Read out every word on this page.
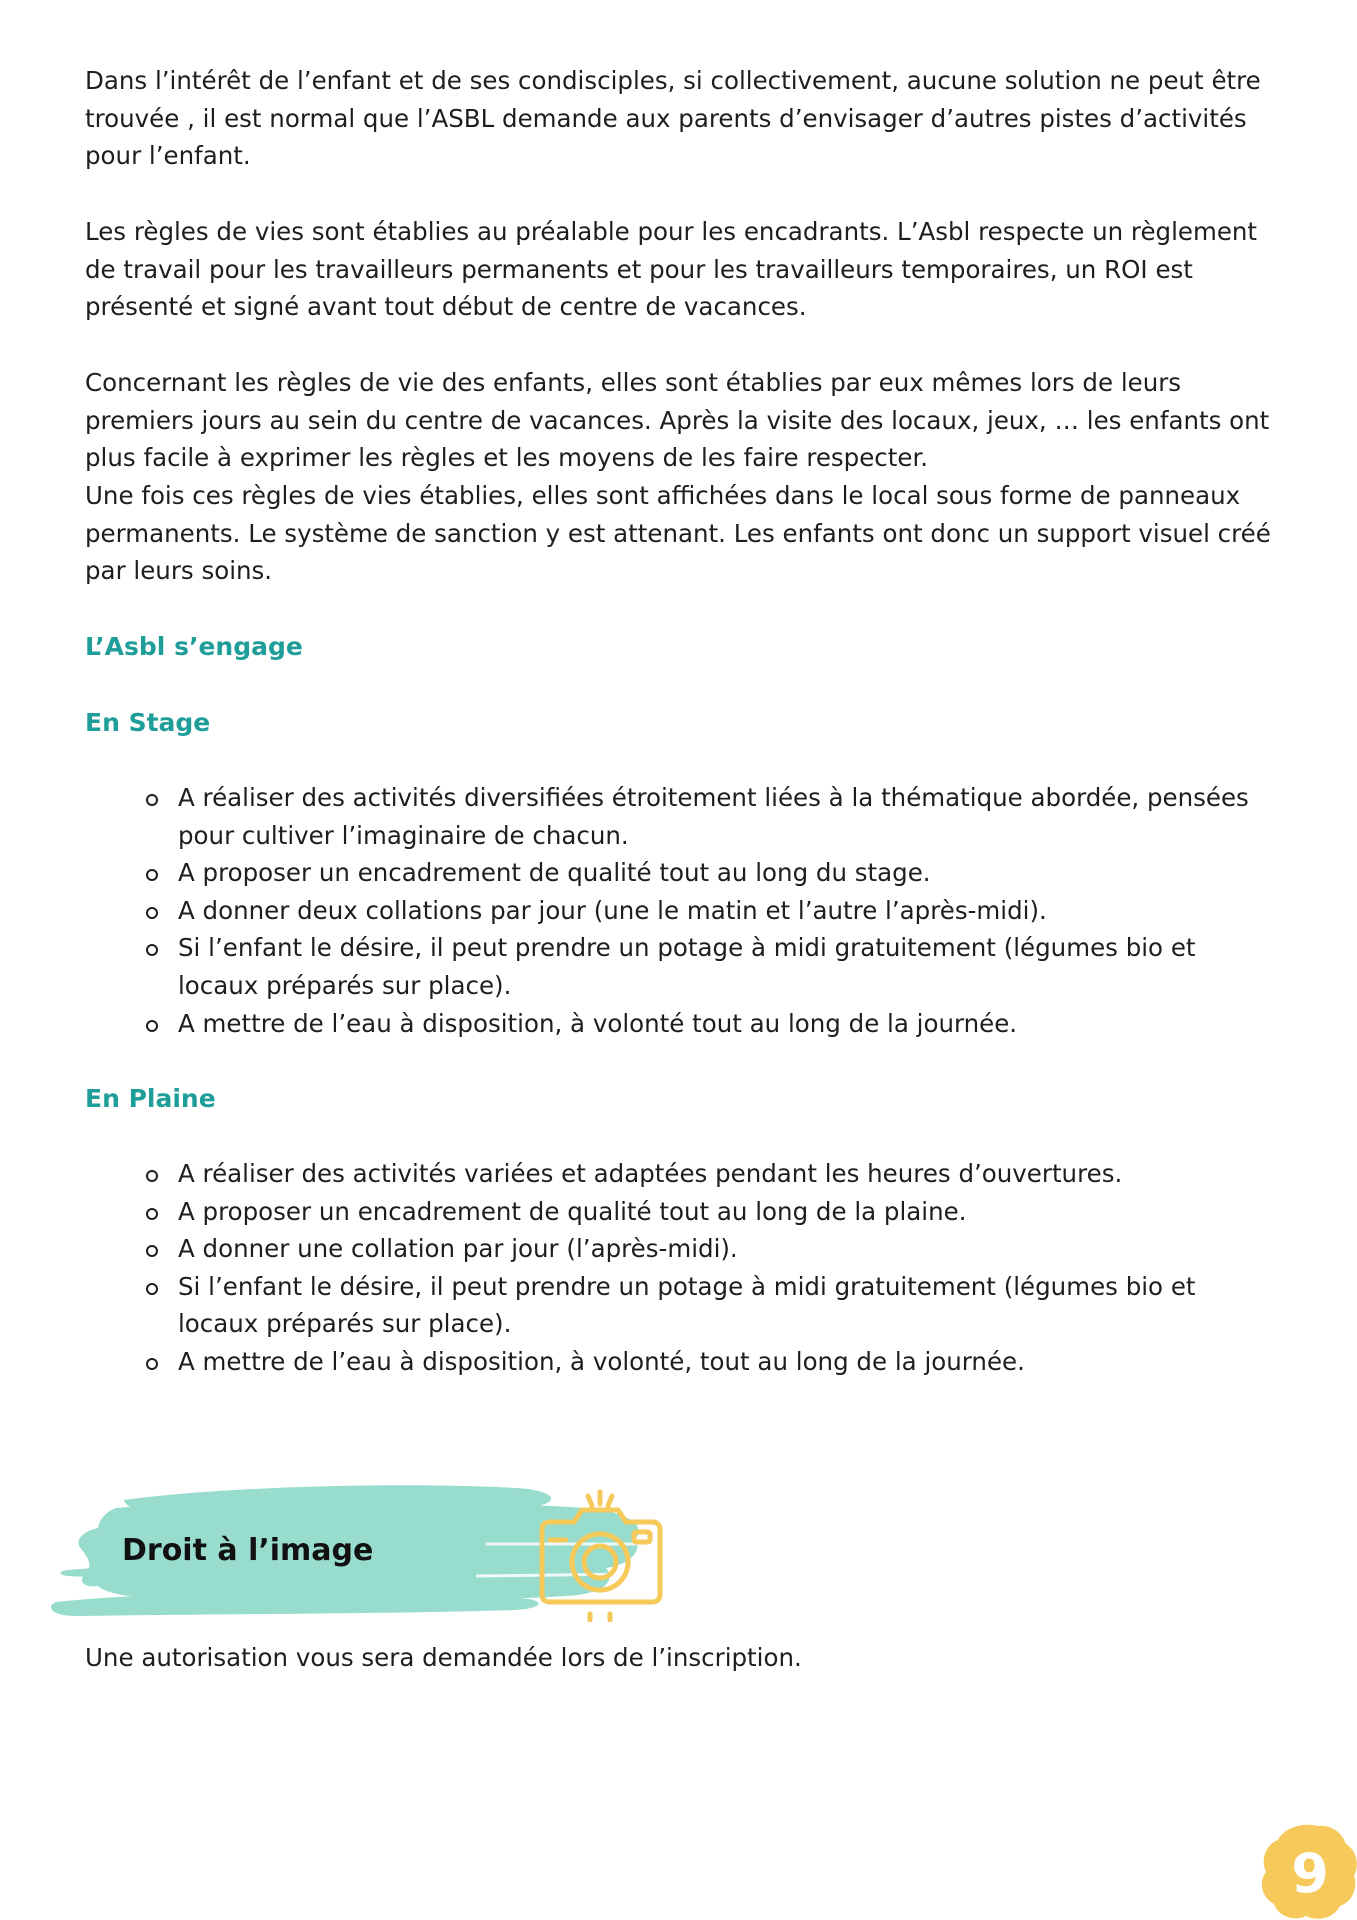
Dans l’intérêt de l’enfant et de ses condisciples, si collectivement, aucune solution ne peut être trouvée , il est normal que l’ASBL demande aux parents d’envisager d’autres pistes d’activités pour l’enfant.

Les règles de vies sont établies au préalable pour les encadrants. L’Asbl respecte un règlement de travail pour les travailleurs permanents et pour les travailleurs temporaires, un ROI est présenté et signé avant tout début de centre de vacances.

Concernant les règles de vie des enfants, elles sont établies par eux mêmes lors de leurs premiers jours au sein du centre de vacances. Après la visite des locaux, jeux, … les enfants ont plus facile à exprimer les règles et les moyens de les faire respecter.

Une fois ces règles de vies établies, elles sont affichées dans le local sous forme de panneaux permanents. Le système de sanction y est attenant. Les enfants ont donc un support visuel créé par leurs soins.

L’Asbl s’engage
En Stage
A réaliser des activités diversifiées étroitement liées à la thématique abordée, pensées pour cultiver l’imaginaire de chacun.
A proposer un encadrement de qualité tout au long du stage.
A donner deux collations par jour (une le matin et l’autre l’après-midi).
Si l’enfant le désire, il peut prendre un potage à midi gratuitement (légumes bio et locaux préparés sur place).
A mettre de l’eau à disposition, à volonté tout au long de la journée.
En Plaine
A réaliser des activités variées et adaptées pendant les heures d’ouvertures.
A proposer un encadrement de qualité tout au long de la plaine.
A donner une collation par jour (l’après-midi).
Si l’enfant le désire, il peut prendre un potage à midi gratuitement (légumes bio et locaux préparés sur place).
A mettre de l’eau à disposition, à volonté, tout au long de la journée.
Droit à l’image

Une autorisation vous sera demandée lors de l’inscription.

9
